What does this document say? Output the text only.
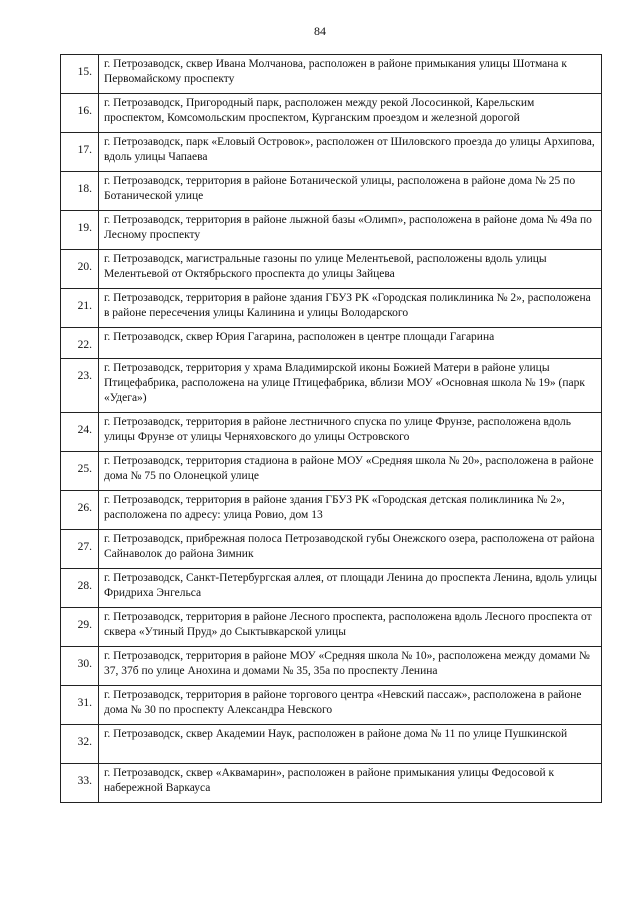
84
15.	г. Петрозаводск, сквер Ивана Молчанова, расположен в районе примыкания улицы Шотмана к Первомайскому проспекту
16.	г. Петрозаводск, Пригородный парк, расположен между рекой Лососинкой, Карельским проспектом, Комсомольским проспектом, Курганским проездом и железной дорогой
17.	г. Петрозаводск, парк «Еловый Островок», расположен от Шиловского проезда до улицы Архипова, вдоль улицы Чапаева
18.	г. Петрозаводск, территория в районе Ботанической улицы, расположена в районе дома № 25 по Ботанической улице
19.	г. Петрозаводск, территория в районе лыжной базы «Олимп», расположена в районе дома № 49а по Лесному проспекту
20.	г. Петрозаводск, магистральные газоны по улице Мелентьевой, расположены вдоль улицы Мелентьевой от Октябрьского проспекта до улицы Зайцева
21.	г. Петрозаводск, территория в районе здания ГБУЗ РК «Городская поликлиника № 2», расположена в районе пересечения улицы Калинина и улицы Володарского
22.	г. Петрозаводск, сквер Юрия Гагарина, расположен в центре площади Гагарина
23.	г. Петрозаводск, территория у храма Владимирской иконы Божией Матери в районе улицы Птицефабрика, расположена на улице Птицефабрика, вблизи МОУ «Основная школа № 19» (парк «Удега»)
24.	г. Петрозаводск, территория в районе лестничного спуска по улице Фрунзе, расположена вдоль улицы Фрунзе от улицы Черняховского до улицы Островского
25.	г. Петрозаводск, территория стадиона в районе МОУ «Средняя школа № 20», расположена в районе дома № 75 по Олонецкой улице
26.	г. Петрозаводск, территория в районе здания ГБУЗ РК «Городская детская поликлиника № 2», расположена по адресу: улица Ровио, дом 13
27.	г. Петрозаводск, прибрежная полоса Петрозаводской губы Онежского озера, расположена от района Сайнаволок до района Зимник
28.	г. Петрозаводск, Санкт-Петербургская аллея, от площади Ленина до проспекта Ленина, вдоль улицы Фридриха Энгельса
29.	г. Петрозаводск, территория в районе Лесного проспекта, расположена вдоль Лесного проспекта от сквера «Утиный Пруд» до Сыктывкарской улицы
30.	г. Петрозаводск, территория в районе МОУ «Средняя школа № 10», расположена между домами № 37, 37б по улице Анохина и домами № 35, 35а по проспекту Ленина
31.	г. Петрозаводск, территория в районе торгового центра «Невский пассаж», расположена в районе дома № 30 по проспекту Александра Невского
32.	г. Петрозаводск, сквер Академии Наук, расположен в районе дома № 11 по улице Пушкинской
33.	г. Петрозаводск, сквер «Аквамарин», расположен в районе примыкания улицы Федосовой к набережной Варкауса
